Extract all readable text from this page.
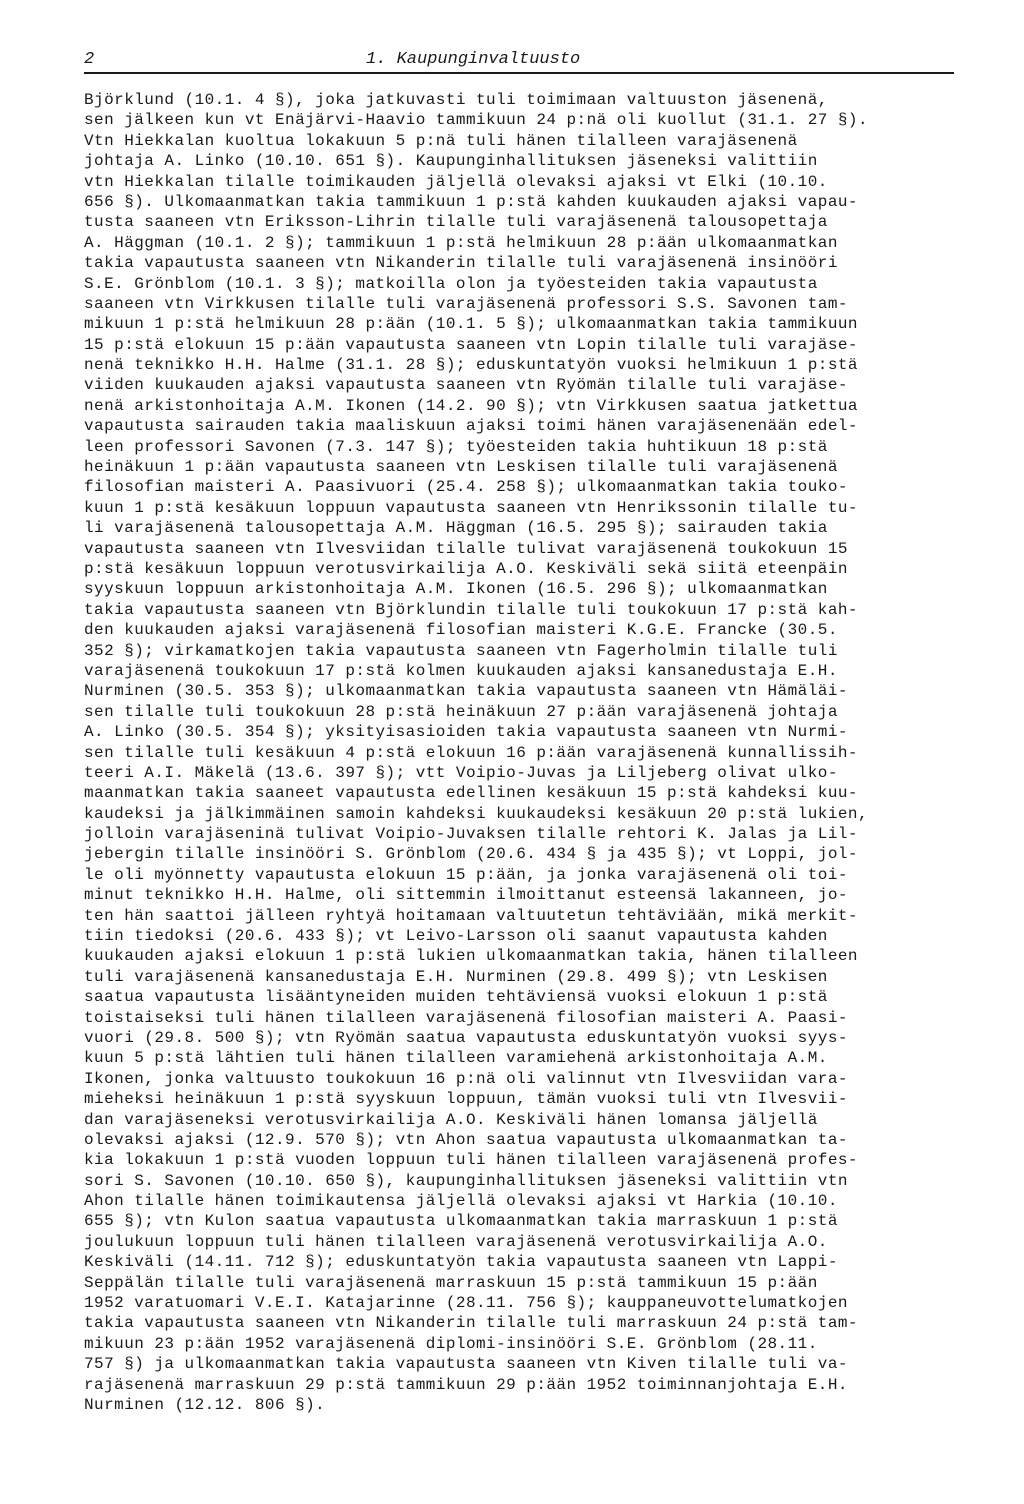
2	1. Kaupunginvaltuusto
Björklund (10.1. 4 §), joka jatkuvasti tuli toimimaan valtuuston jäsenenä,
sen jälkeen kun vt Enäjärvi-Haavio tammikuun 24 p:nä oli kuollut (31.1. 27 §).
Vtn Hiekkalan kuoltua lokakuun 5 p:nä tuli hänen tilalleen varajäsenenä
johtaja A. Linko (10.10. 651 §). Kaupunginhallituksen jäseneksi valittiin
vtn Hiekkalan tilalle toimikauden jäljellä olevaksi ajaksi vt Elki (10.10.
656 §). Ulkomaanmatkan takia tammikuun 1 p:stä kahden kuukauden ajaksi vapau-
tusta saaneen vtn Eriksson-Lihrin tilalle tuli varajäsenenä talousopettaja
A. Häggman (10.1. 2 §); tammikuun 1 p:stä helmikuun 28 p:ään ulkomaanmatkan
takia vapautusta saaneen vtn Nikanderin tilalle tuli varajäsenenä insinööri
S.E. Grönblom (10.1. 3 §); matkoilla olon ja työesteiden takia vapautusta
saaneen vtn Virkkusen tilalle tuli varajäsenenä professori S.S. Savonen tam-
mikuun 1 p:stä helmikuun 28 p:ään (10.1. 5 §); ulkomaanmatkan takia tammikuun
15 p:stä elokuun 15 p:ään vapautusta saaneen vtn Lopin tilalle tuli varajäse-
nenä teknikko H.H. Halme (31.1. 28 §); eduskuntatyön vuoksi helmikuun 1 p:stä
viiden kuukauden ajaksi vapautusta saaneen vtn Ryömän tilalle tuli varajäse-
nenä arkistonhoitaja A.M. Ikonen (14.2. 90 §); vtn Virkkusen saatua jatkettua
vapautusta sairauden takia maaliskuun ajaksi toimi hänen varajäsenenään edel-
leen professori Savonen (7.3. 147 §); työesteiden takia huhtikuun 18 p:stä
heinäkuun 1 p:ään vapautusta saaneen vtn Leskisen tilalle tuli varajäsenenä
filosofian maisteri A. Paasivuori (25.4. 258 §); ulkomaanmatkan takia touko-
kuun 1 p:stä kesäkuun loppuun vapautusta saaneen vtn Henrikssonin tilalle tu-
li varajäsenenä talousopettaja A.M. Häggman (16.5. 295 §); sairauden takia
vapautusta saaneen vtn Ilvesviidan tilalle tulivat varajäsenenä toukokuun 15
p:stä kesäkuun loppuun verotusvirkailija A.O. Keskiväli sekä siitä eteenpäin
syyskuun loppuun arkistonhoitaja A.M. Ikonen (16.5. 296 §); ulkomaanmatkan
takia vapautusta saaneen vtn Björklundin tilalle tuli toukokuun 17 p:stä kah-
den kuukauden ajaksi varajäsenenä filosofian maisteri K.G.E. Francke (30.5.
352 §); virkamatkojen takia vapautusta saaneen vtn Fagerholmin tilalle tuli
varajäsenenä toukokuun 17 p:stä kolmen kuukauden ajaksi kansanedustaja E.H.
Nurminen (30.5. 353 §); ulkomaanmatkan takia vapautusta saaneen vtn Hämäläi-
sen tilalle tuli toukokuun 28 p:stä heinäkuun 27 p:ään varajäsenenä johtaja
A. Linko (30.5. 354 §); yksityisasioiden takia vapautusta saaneen vtn Nurmi-
sen tilalle tuli kesäkuun 4 p:stä elokuun 16 p:ään varajäsenenä kunnallissih-
teeri A.I. Mäkelä (13.6. 397 §); vtt Voipio-Juvas ja Liljeberg olivat ulko-
maanmatkan takia saaneet vapautusta edellinen kesäkuun 15 p:stä kahdeksi kuu-
kaudeksi ja jälkimmäinen samoin kahdeksi kuukaudeksi kesäkuun 20 p:stä lukien,
jolloin varajäseninä tulivat Voipio-Juvaksen tilalle rehtori K. Jalas ja Lil-
jebergin tilalle insinööri S. Grönblom (20.6. 434 § ja 435 §); vt Loppi, jol-
le oli myönnetty vapautusta elokuun 15 p:ään, ja jonka varajäsenenä oli toi-
minut teknikko H.H. Halme, oli sittemmin ilmoittanut esteensä lakanneen, jo-
ten hän saattoi jälleen ryhtyä hoitamaan valtuutetun tehtäviään, mikä merkit-
tiin tiedoksi (20.6. 433 §); vt Leivo-Larsson oli saanut vapautusta kahden
kuukauden ajaksi elokuun 1 p:stä lukien ulkomaanmatkan takia, hänen tilalleen
tuli varajäsenenä kansanedustaja E.H. Nurminen (29.8. 499 §); vtn Leskisen
saatua vapautusta lisääntyneiden muiden tehtäviensä vuoksi elokuun 1 p:stä
toistaiseksi tuli hänen tilalleen varajäsenenä filosofian maisteri A. Paasi-
vuori (29.8. 500 §); vtn Ryömän saatua vapautusta eduskuntatyön vuoksi syys-
kuun 5 p:stä lähtien tuli hänen tilalleen varamiehenä arkistonhoitaja A.M.
Ikonen, jonka valtuusto toukokuun 16 p:nä oli valinnut vtn Ilvesviidan vara-
mieheksi heinäkuun 1 p:stä syyskuun loppuun, tämän vuoksi tuli vtn Ilvesvii-
dan varajäseneksi verotusvirkailija A.O. Keskiväli hänen lomansa jäljellä
olevaksi ajaksi (12.9. 570 §); vtn Ahon saatua vapautusta ulkomaanmatkan ta-
kia lokakuun 1 p:stä vuoden loppuun tuli hänen tilalleen varajäsenenä profes-
sori S. Savonen (10.10. 650 §), kaupunginhallituksen jäseneksi valittiin vtn
Ahon tilalle hänen toimikautensa jäljellä olevaksi ajaksi vt Harkia (10.10.
655 §); vtn Kulon saatua vapautusta ulkomaanmatkan takia marraskuun 1 p:stä
joulukuun loppuun tuli hänen tilalleen varajäsenenä verotusvirkailija A.O.
Keskiväli (14.11. 712 §); eduskuntatyön takia vapautusta saaneen vtn Lappi-
Seppälän tilalle tuli varajäsenenä marraskuun 15 p:stä tammikuun 15 p:ään
1952 varatuomari V.E.I. Katajarinne (28.11. 756 §); kauppaneuvottelumatkojen
takia vapautusta saaneen vtn Nikanderin tilalle tuli marraskuun 24 p:stä tam-
mikuun 23 p:ään 1952 varajäsenenä diplomi-insinööri S.E. Grönblom (28.11.
757 §) ja ulkomaanmatkan takia vapautusta saaneen vtn Kiven tilalle tuli va-
rajäsenenä marraskuun 29 p:stä tammikuun 29 p:ään 1952 toiminnanjohtaja E.H.
Nurminen (12.12. 806 §).
